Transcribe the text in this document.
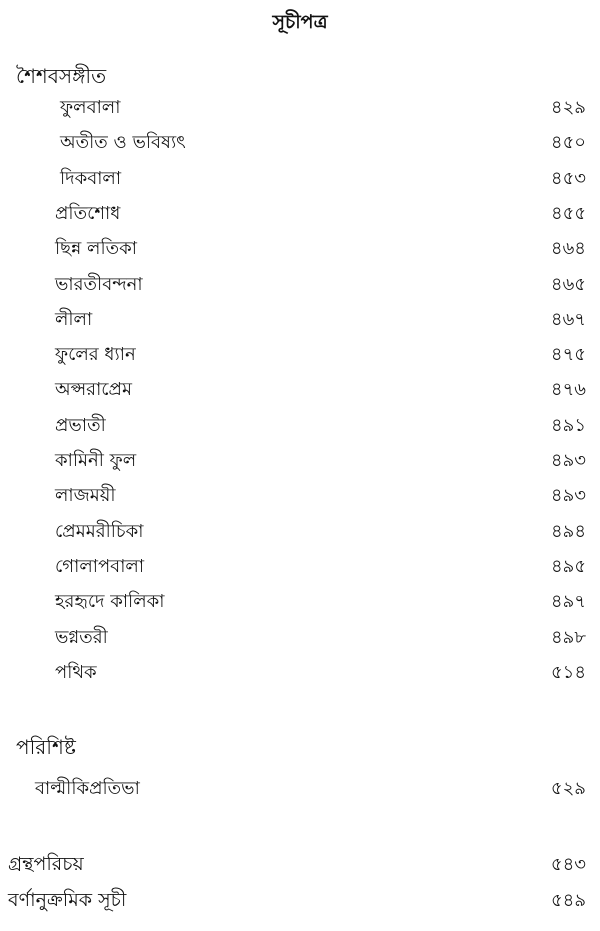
সূচীপত্র
শৈশবসঙ্গীত
ফুলবালা	৪২৯
অতীত ও ভবিষ্যৎ	৪৫০
দিকবালা	৪৫৩
প্রতিশোধ	৪৫৫
ছিন্ন লতিকা	৪৬৪
ভারতীবন্দনা	৪৬৫
লীলা	৪৬৭
ফুলের ধ্যান	৪৭৫
অপ্সরাপ্রেম	৪৭৬
প্রভাতী	৪৯১
কামিনী ফুল	৪৯৩
লাজময়ী	৪৯৩
প্রেমমরীচিকা	৪৯৪
গোলাপবালা	৪৯৫
হরহৃদে কালিকা	৪৯৭
ভগ্নতরী	৪৯৮
পথিক	৫১৪
পরিশিষ্ট
বাল্মীকিপ্রতিভা	৫২৯
গ্রন্থপরিচয়	৫৪৩
বর্ণানুক্রমিক সূচী	৫৪৯
